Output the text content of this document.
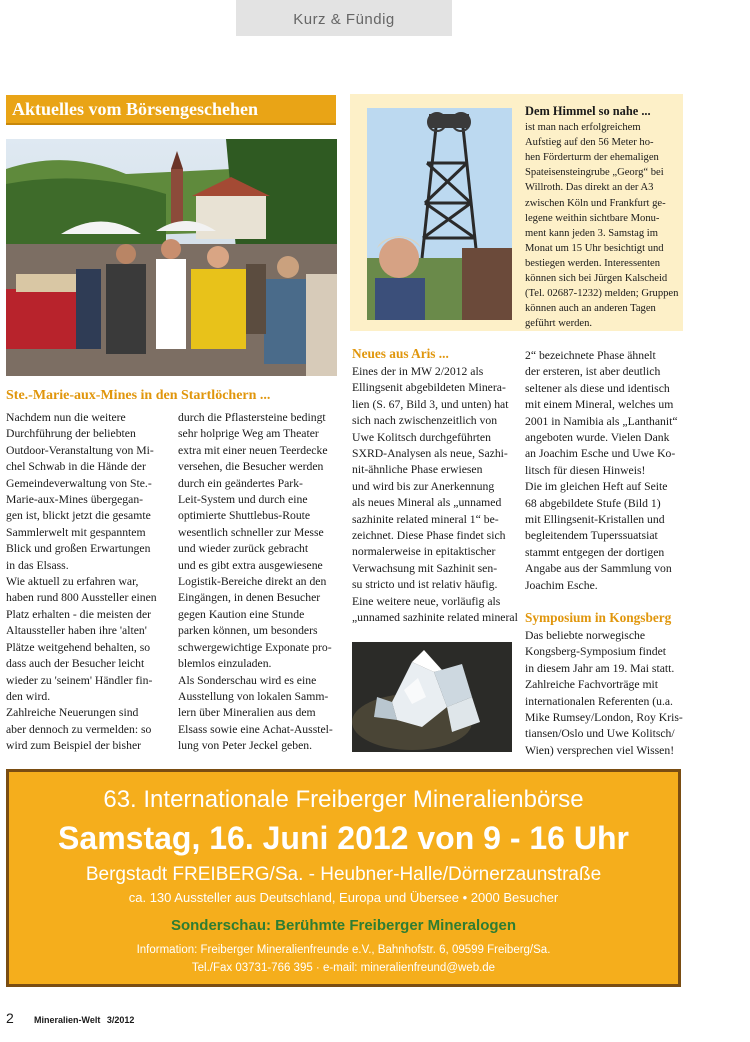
Kurz & Fündig
Aktuelles vom Börsengeschehen
Ste.-Marie-aux-Mines in den Startlöchern ...
Nachdem nun die weitere
Durchführung der beliebten
Outdoor-Veranstaltung von Mi-
chel Schwab in die Hände der
Gemeindeverwaltung von Ste.-
Marie-aux-Mines übergegan-
gen ist, blickt jetzt die gesamte
Sammlerwelt mit gespanntem
Blick und großen Erwartungen
in das Elsass.
Wie aktuell zu erfahren war,
haben rund 800 Aussteller einen
Platz erhalten - die meisten der
Altaussteller haben ihre 'alten'
Plätze weitgehend behalten, so
dass auch der Besucher leicht
wieder zu 'seinem' Händler fin-
den wird.
Zahlreiche Neuerungen sind
aber dennoch zu vermelden: so
wird zum Beispiel der bisher
durch die Pflastersteine bedingt
sehr holprige Weg am Theater
extra mit einer neuen Teerdecke
versehen, die Besucher werden
durch ein geändertes Park-
Leit-System und durch eine
optimierte Shuttlebus-Route
wesentlich schneller zur Messe
und wieder zurück gebracht
und es gibt extra ausgewiesene
Logistik-Bereiche direkt an den
Eingängen, in denen Besucher
gegen Kaution eine Stunde
parken können, um besonders
schwergewichtige Exponate pro-
blemlos einzuladen.
Als Sonderschau wird es eine
Ausstellung von lokalen Samm-
lern über Mineralien aus dem
Elsass sowie eine Achat-Ausstel-
lung von Peter Jeckel geben.
Dem Himmel so nahe ...
ist man nach erfolgreichem
Aufstieg auf den 56 Meter ho-
hen Förderturm der ehemaligen
Spateisensteingrube „Georg“ bei
Willroth. Das direkt an der A3
zwischen Köln und Frankfurt ge-
legene weithin sichtbare Monu-
ment kann jeden 3. Samstag im
Monat um 15 Uhr besichtigt und
bestiegen werden. Interessenten
können sich bei Jürgen Kalscheid
(Tel. 02687-1232) melden; Gruppen
können auch an anderen Tagen
geführt werden.
Neues aus Aris ...
Eines der in MW 2/2012 als
Ellingsenit abgebildeten Minera-
lien (S. 67, Bild 3, und unten) hat
sich nach zwischenzeitlich von
Uwe Kolitsch durchgeführten
SXRD-Analysen als neue, Sazhi-
nit-ähnliche Phase erwiesen
und wird bis zur Anerkennung
als neues Mineral als „unnamed
sazhinite related mineral 1“ be-
zeichnet. Diese Phase findet sich
normalerweise in epitaktischer
Verwachsung mit Sazhinit sen-
su stricto und ist relativ häufig.
Eine weitere neue, vorläufig als
„unnamed sazhinite related mineral
2“ bezeichnete Phase ähnelt
der ersteren, ist aber deutlich
seltener als diese und identisch
mit einem Mineral, welches um
2001 in Namibia als „Lanthanit“
angeboten wurde. Vielen Dank
an Joachim Esche und Uwe Ko-
litsch für diesen Hinweis!
Die im gleichen Heft auf Seite
68 abgebildete Stufe (Bild 1)
mit Ellingsenit-Kristallen und
begleitendem Tuperssuatsiat
stammt entgegen der dortigen
Angabe aus der Sammlung von
Joachim Esche.
Symposium in Kongsberg
Das beliebte norwegische
Kongsberg-Symposium findet
in diesem Jahr am 19. Mai statt.
Zahlreiche Fachvorträge mit
internationalen Referenten (u.a.
Mike Rumsey/London, Roy Kris-
tiansen/Oslo und Uwe Kolitsch/
Wien) versprechen viel Wissen!
63. Internationale Freiberger Mineralienbörse
Samstag, 16. Juni 2012 von 9 - 16 Uhr
Bergstadt FREIBERG/Sa. - Heubner-Halle/Dörnerzaunstraße
ca. 130 Aussteller aus Deutschland, Europa und Übersee • 2000 Besucher
Sonderschau: Berühmte Freiberger Mineralogen
Information: Freiberger Mineralienfreunde e.V., Bahnhofstr. 6, 09599 Freiberg/Sa.
Tel./Fax 03731-766 395 · e-mail: mineralienfreund@web.de
2 Mineralien-Welt 3/2012
